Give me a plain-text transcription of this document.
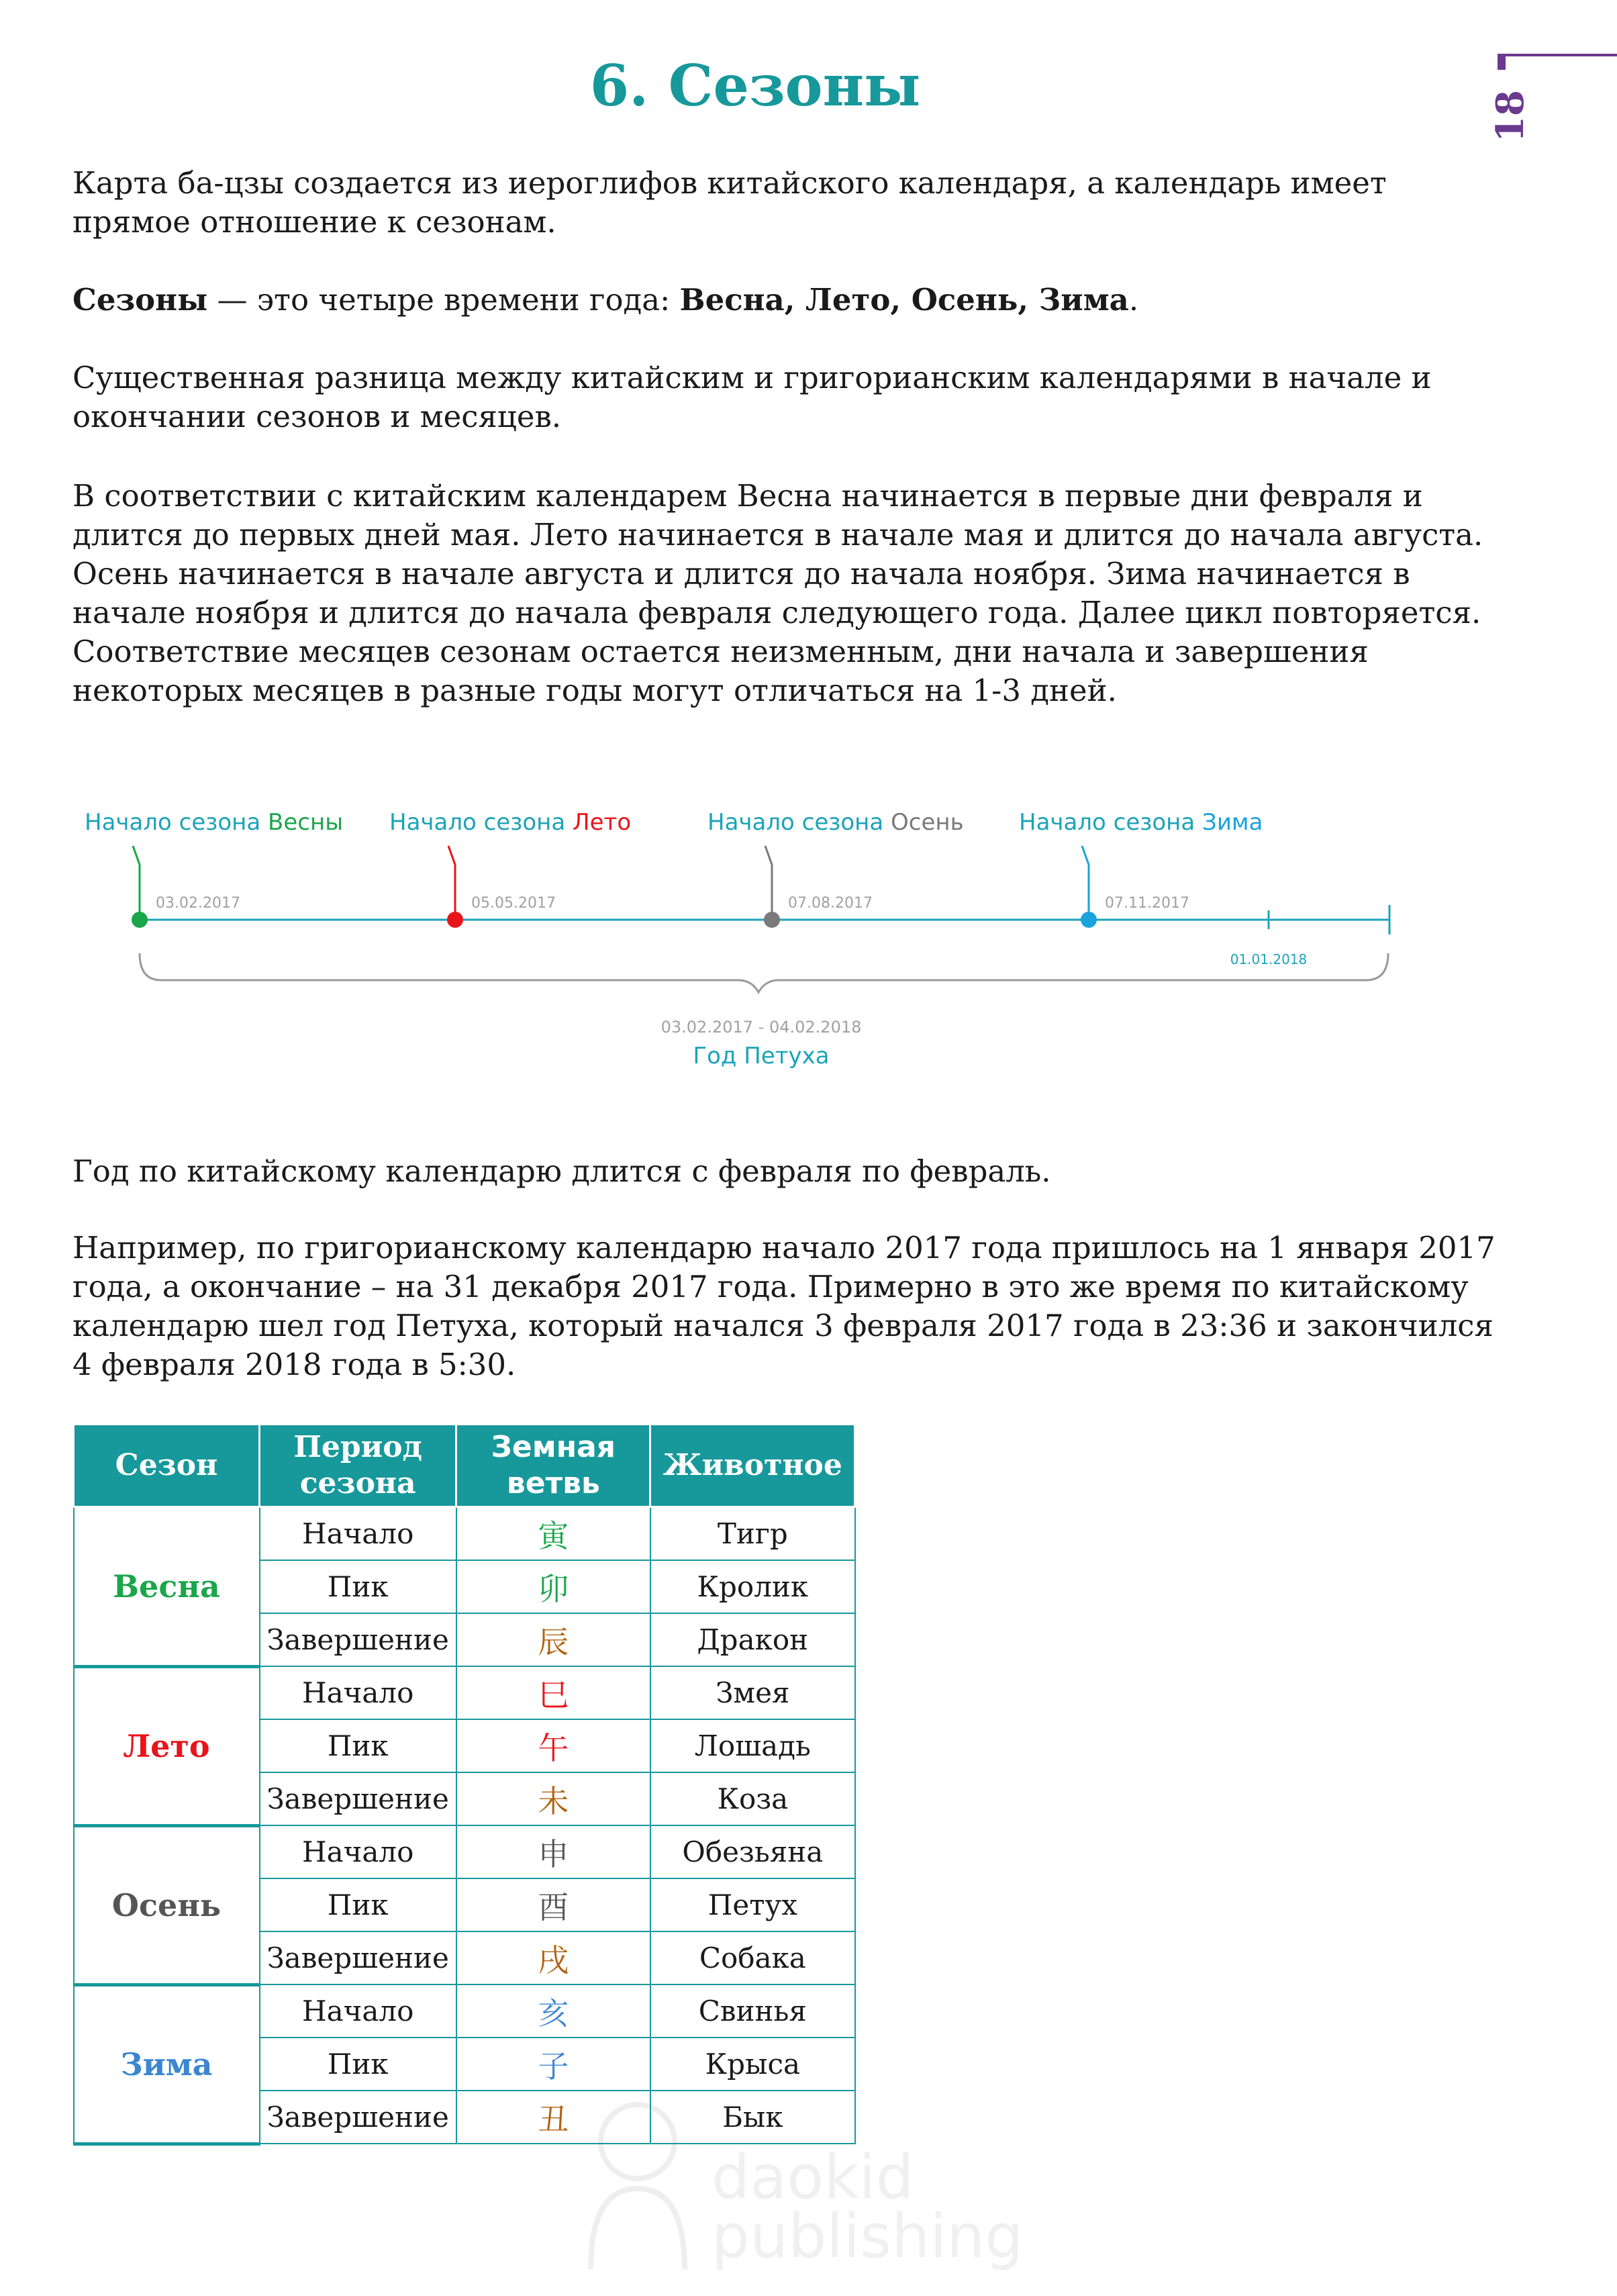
6. Сезоны	18
Карта ба-цзы создается из иероглифов китайского календаря, а календарь имеет прямое отношение к сезонам.
Сезоны — это четыре времени года: Весна, Лето, Осень, Зима.
Существенная разница между китайским и григорианским календарями в начале и окончании сезонов и месяцев.
В соответствии с китайским календарем Весна начинается в первые дни февраля и длится до первых дней мая. Лето начинается в начале мая и длится до начала августа. Осень начинается в начале августа и длится до начала ноября. Зима начинается в начале ноября и длится до начала февраля следующего года. Далее цикл повторяется. Соответствие месяцев сезонам остается неизменным, дни начала и завершения некоторых месяцев в разные годы могут отличаться на 1-3 дней.
01.01.2018
03.02.2017 - 04.02.2018
Год Петуха
03.02.2017
Начало сезона Весны
05.05.2017
Начало сезона Лето
07.08.2017
Начало сезона Осень
07.11.2017
Начало сезона Зима
Год по китайскому календарю длится с февраля по февраль.
Например, по григорианскому календарю начало 2017 года пришлось на 1 января 2017 года, а окончание – на 31 декабря 2017 года. Примерно в это же время по китайскому календарю шел год Петуха, который начался 3 февраля 2017 года в 23:36 и закончился 4 февраля 2018 года в 5:30.
Сезон	Период сезона	Земная ветвь	Животное
Весна	Начало	寅	Тигр
	Пик	卯	Кролик
	Завершение	辰	Дракон
Лето	Начало	巳	Змея
	Пик	午	Лошадь
	Завершение	未	Коза
Осень	Начало	申	Обезьяна
	Пик	酉	Петух
	Завершение	戌	Собака
Зима	Начало	亥	Свинья
	Пик	子	Крыса
	Завершение	丑	Бык
daokid
publishing
